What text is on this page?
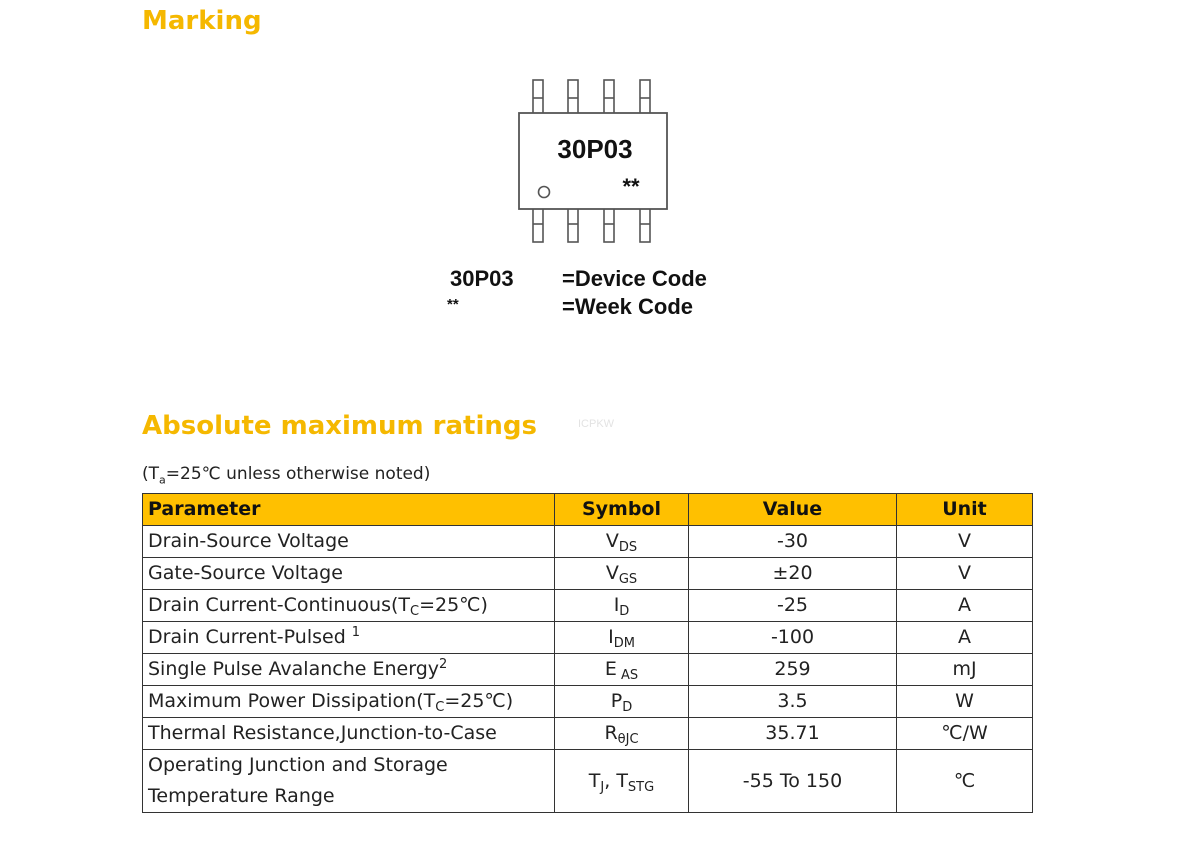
Marking
30P03
**
30P03
**
=Device Code
=Week Code
Absolute maximum ratings	ICPKW
($T_a=25℃$ unless otherwise noted)
Parameter	Symbol	Value	Unit
Drain-Source Voltage	$V_{DS}$	-30	V
Gate-Source Voltage	$V_{GS}$	±20	V
Drain Current-$Continuous(T_C=25℃)$	$I_D$	-25	A
Drain Current-Pulsed $^1$	$I_{DM}$	-100	A
Single Pulse Avalanche Energy$^2$	E $_{AS}$	259	mJ
Maximum Power $Dissipation(T_C=25℃)$	$P_D$	3.5	W
Thermal Resistance,Junction-to-Case	$R_{\theta JC}$	35.71	℃/W
Operating Junction and Storage
Temperature Range	$T_J$, $T_{STG}$	-55 To 150	℃
